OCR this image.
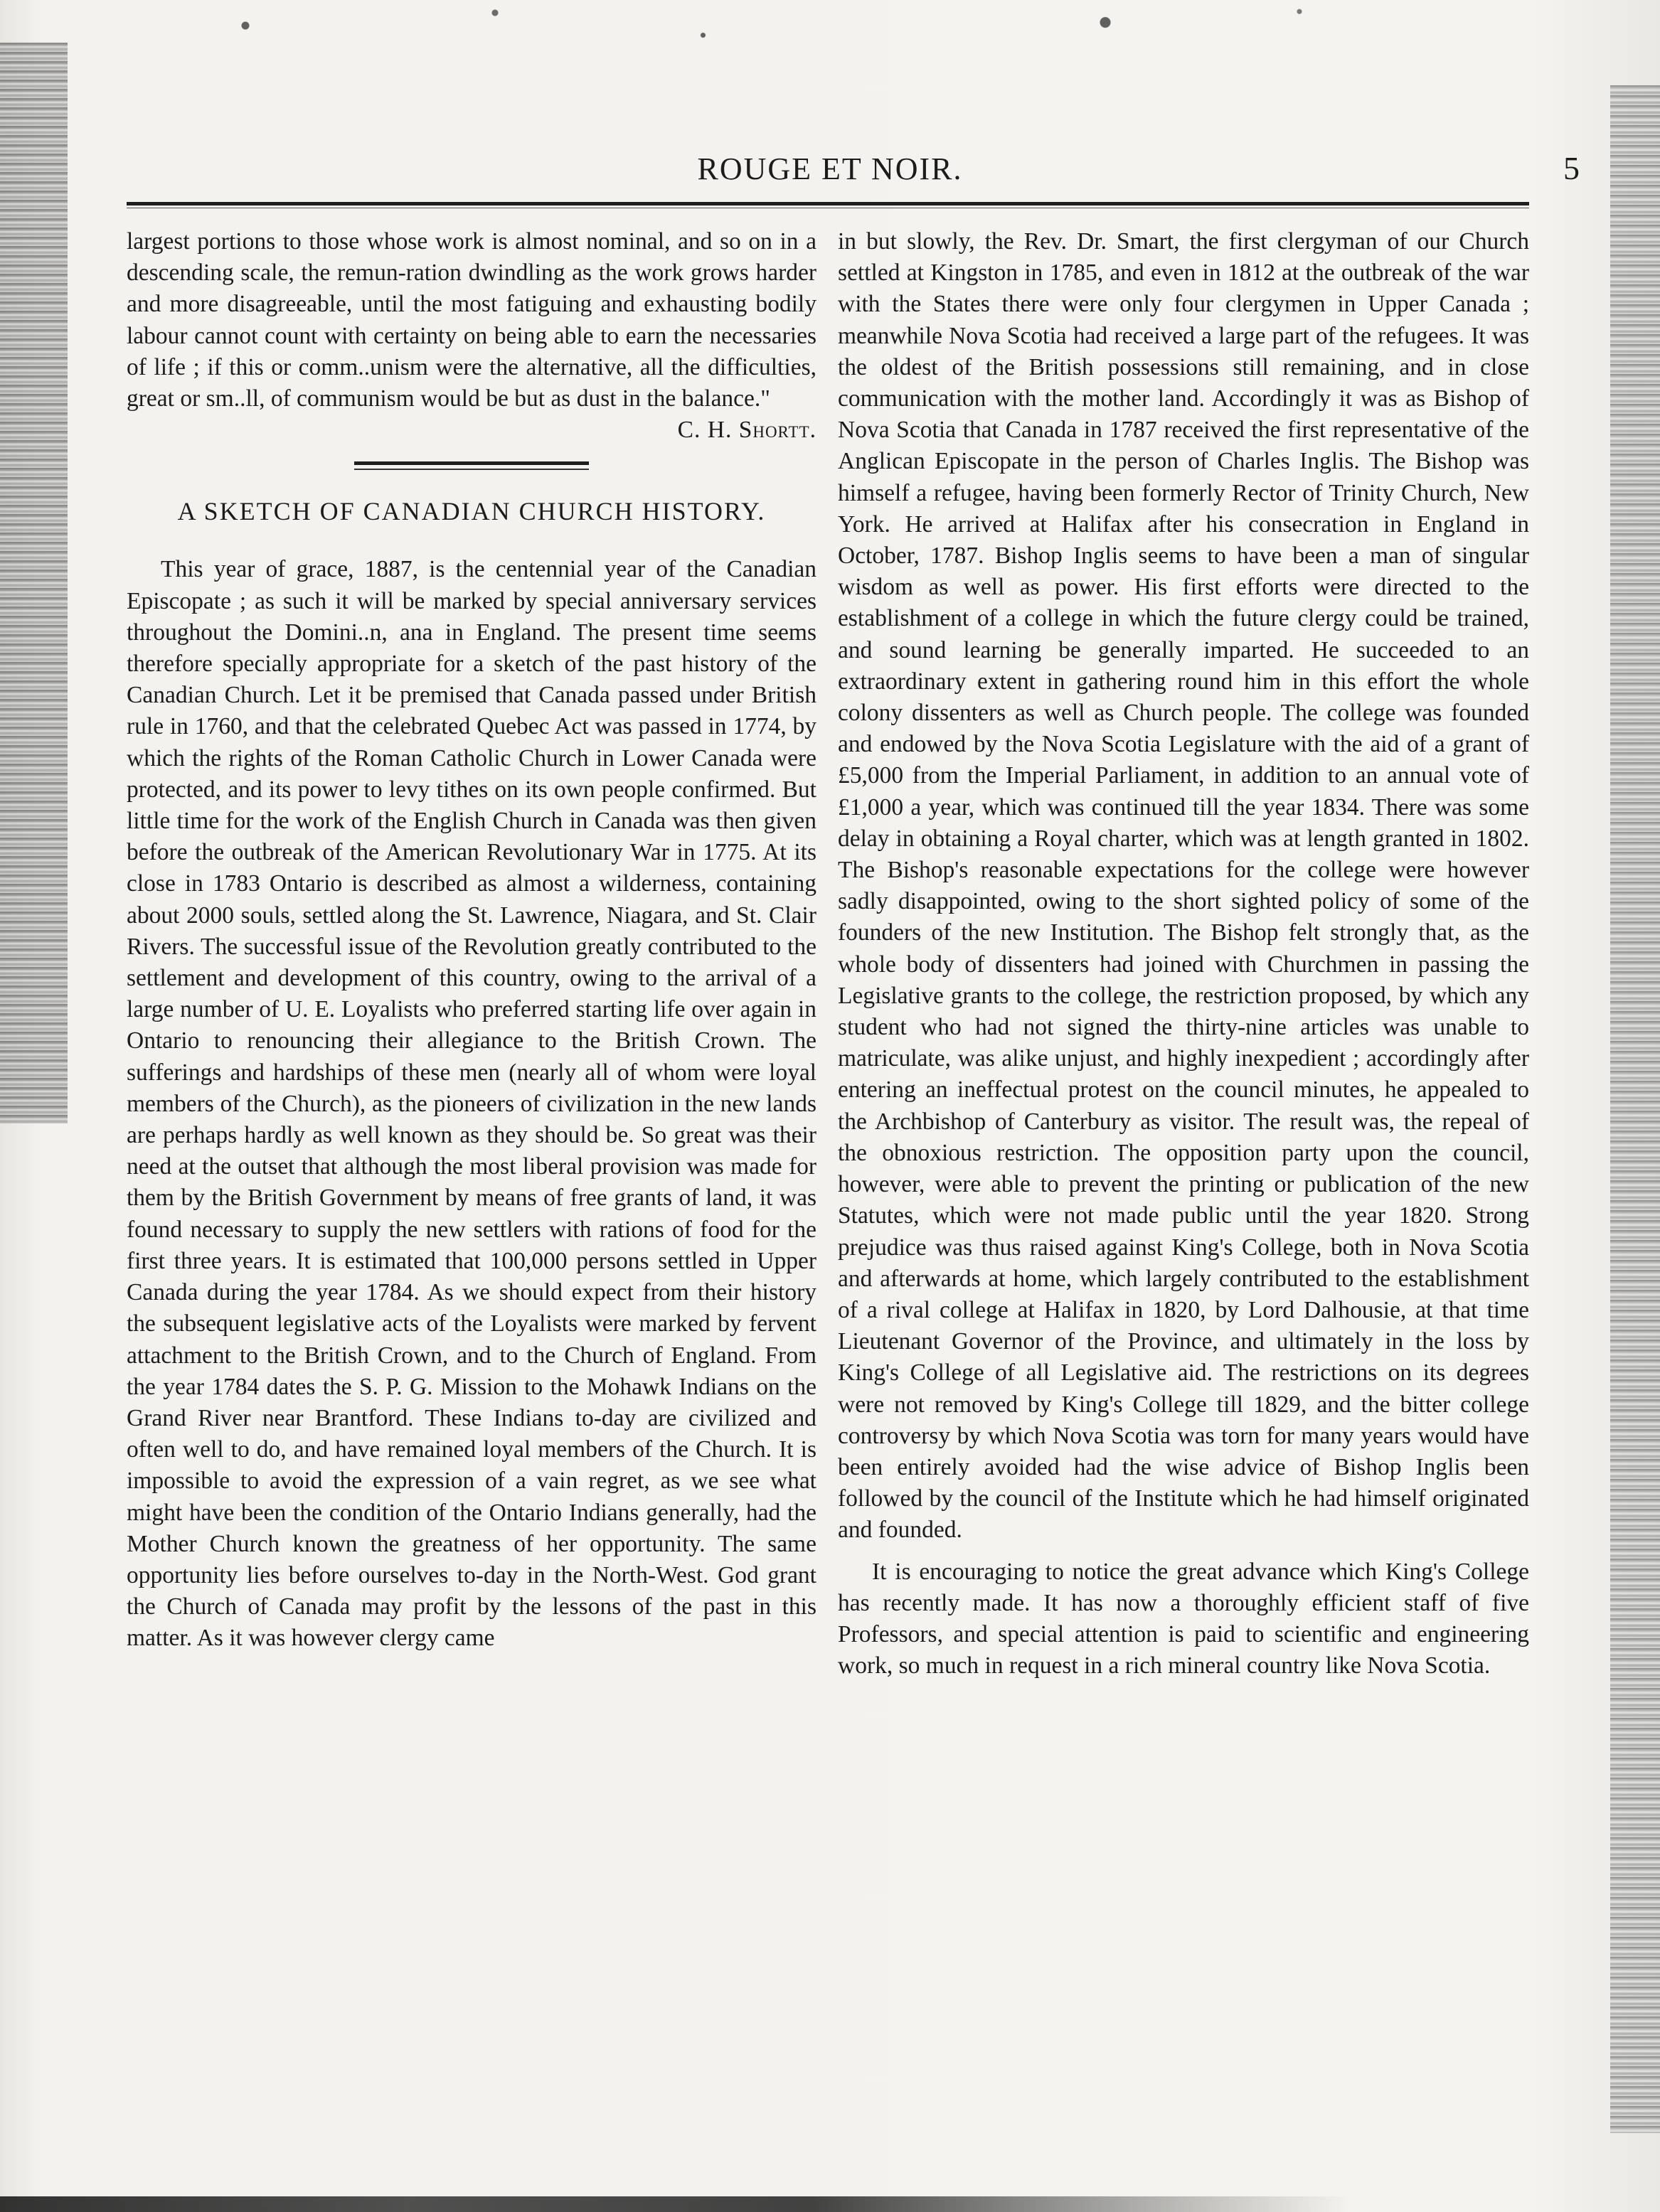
ROUGE ET NOIR.	5

largest portions to those whose work is almost nominal, and so on in a descending scale, the remun‑ration dwindling as the work grows harder and more disagreeable, until the most fatiguing and exhausting bodily labour cannot count with certainty on being able to earn the necessaries of life ; if this or comm..unism were the alternative, all the difficulties, great or sm..ll, of communism would be but as dust in the balance."

C. H. Shortt.

A SKETCH OF CANADIAN CHURCH HISTORY.

This year of grace, 1887, is the centennial year of the Canadian Episcopate ; as such it will be marked by special anniversary services throughout the Domini..n, ana in England. The present time seems therefore specially appropriate for a sketch of the past history of the Canadian Church. Let it be premised that Canada passed under British rule in 1760, and that the celebrated Quebec Act was passed in 1774, by which the rights of the Roman Catholic Church in Lower Canada were protected, and its power to levy tithes on its own people confirmed. But little time for the work of the English Church in Canada was then given before the outbreak of the American Revolutionary War in 1775. At its close in 1783 Ontario is described as almost a wilderness, containing about 2000 souls, settled along the St. Lawrence, Niagara, and St. Clair Rivers. The successful issue of the Revolution greatly contributed to the settlement and development of this country, owing to the arrival of a large number of U. E. Loyalists who preferred starting life over again in Ontario to renouncing their allegiance to the British Crown. The sufferings and hardships of these men (nearly all of whom were loyal members of the Church), as the pioneers of civilization in the new lands are perhaps hardly as well known as they should be. So great was their need at the outset that although the most liberal provision was made for them by the British Government by means of free grants of land, it was found necessary to supply the new settlers with rations of food for the first three years. It is estimated that 100,000 persons settled in Upper Canada during the year 1784. As we should expect from their history the subsequent legislative acts of the Loyalists were marked by fervent attachment to the British Crown, and to the Church of England. From the year 1784 dates the S. P. G. Mission to the Mohawk Indians on the Grand River near Brantford. These Indians to-day are civilized and often well to do, and have remained loyal members of the Church. It is impossible to avoid the expression of a vain regret, as we see what might have been the condition of the Ontario Indians generally, had the Mother Church known the greatness of her opportunity. The same opportunity lies before ourselves to-day in the North-West. God grant the Church of Canada may profit by the lessons of the past in this matter. As it was however clergy came

in but slowly, the Rev. Dr. Smart, the first clergyman of our Church settled at Kingston in 1785, and even in 1812 at the outbreak of the war with the States there were only four clergymen in Upper Canada ; meanwhile Nova Scotia had received a large part of the refugees. It was the oldest of the British possessions still remaining, and in close communication with the mother land. Accordingly it was as Bishop of Nova Scotia that Canada in 1787 received the first representative of the Anglican Episcopate in the person of Charles Inglis. The Bishop was himself a refugee, having been formerly Rector of Trinity Church, New York. He arrived at Halifax after his consecration in England in October, 1787. Bishop Inglis seems to have been a man of singular wisdom as well as power. His first efforts were directed to the establishment of a college in which the future clergy could be trained, and sound learning be generally imparted. He succeeded to an extraordinary extent in gathering round him in this effort the whole colony dissenters as well as Church people. The college was founded and endowed by the Nova Scotia Legislature with the aid of a grant of £5,000 from the Imperial Parliament, in addition to an annual vote of £1,000 a year, which was continued till the year 1834. There was some delay in obtaining a Royal charter, which was at length granted in 1802. The Bishop's reasonable expectations for the college were however sadly disappointed, owing to the short sighted policy of some of the founders of the new Institution. The Bishop felt strongly that, as the whole body of dissenters had joined with Churchmen in passing the Legislative grants to the college, the restriction proposed, by which any student who had not signed the thirty-nine articles was unable to matriculate, was alike unjust, and highly inexpedient ; accordingly after entering an ineffectual protest on the council minutes, he appealed to the Archbishop of Canterbury as visitor. The result was, the repeal of the obnoxious restriction. The opposition party upon the council, however, were able to prevent the printing or publication of the new Statutes, which were not made public until the year 1820. Strong prejudice was thus raised against King's College, both in Nova Scotia and afterwards at home, which largely contributed to the establishment of a rival college at Halifax in 1820, by Lord Dalhousie, at that time Lieutenant Governor of the Province, and ultimately in the loss by King's College of all Legislative aid. The restrictions on its degrees were not removed by King's College till 1829, and the bitter college controversy by which Nova Scotia was torn for many years would have been entirely avoided had the wise advice of Bishop Inglis been followed by the council of the Institute which he had himself originated and founded.

It is encouraging to notice the great advance which King's College has recently made. It has now a thoroughly efficient staff of five Professors, and special attention is paid to scientific and engineering work, so much in request in a rich mineral country like Nova Scotia.
